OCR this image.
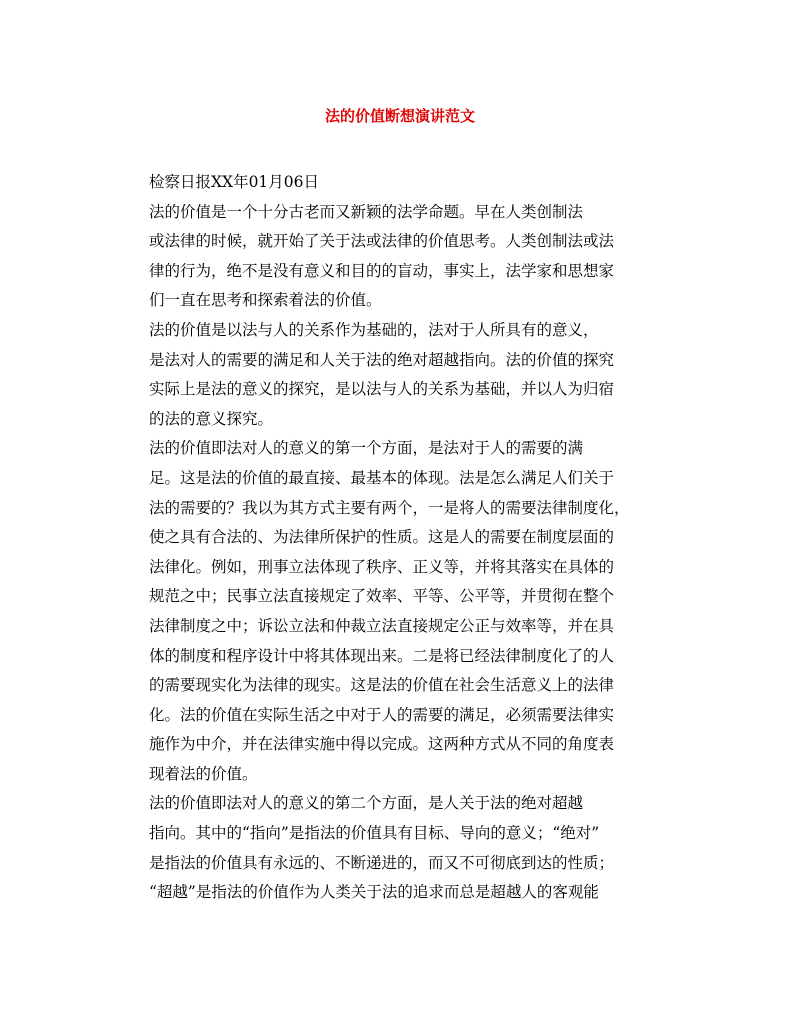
法的价值断想演讲范文
检察日报XX年01月06日
法的价值是一个十分古老而又新颖的法学命题。早在人类创制法
或法律的时候，就开始了关于法或法律的价值思考。人类创制法或法
律的行为，绝不是没有意义和目的的盲动，事实上，法学家和思想家
们一直在思考和探索着法的价值。
法的价值是以法与人的关系作为基础的，法对于人所具有的意义，
是法对人的需要的满足和人关于法的绝对超越指向。法的价值的探究
实际上是法的意义的探究，是以法与人的关系为基础，并以人为归宿
的法的意义探究。
法的价值即法对人的意义的第一个方面，是法对于人的需要的满
足。这是法的价值的最直接、最基本的体现。法是怎么满足人们关于
法的需要的？我以为其方式主要有两个，一是将人的需要法律制度化，
使之具有合法的、为法律所保护的性质。这是人的需要在制度层面的
法律化。例如，刑事立法体现了秩序、正义等，并将其落实在具体的
规范之中；民事立法直接规定了效率、平等、公平等，并贯彻在整个
法律制度之中；诉讼立法和仲裁立法直接规定公正与效率等，并在具
体的制度和程序设计中将其体现出来。二是将已经法律制度化了的人
的需要现实化为法律的现实。这是法的价值在社会生活意义上的法律
化。法的价值在实际生活之中对于人的需要的满足，必须需要法律实
施作为中介，并在法律实施中得以完成。这两种方式从不同的角度表
现着法的价值。
法的价值即法对人的意义的第二个方面，是人关于法的绝对超越
指向。其中的“指向”是指法的价值具有目标、导向的意义；“绝对”
是指法的价值具有永远的、不断递进的，而又不可彻底到达的性质；
“超越”是指法的价值作为人类关于法的追求而总是超越人的客观能
